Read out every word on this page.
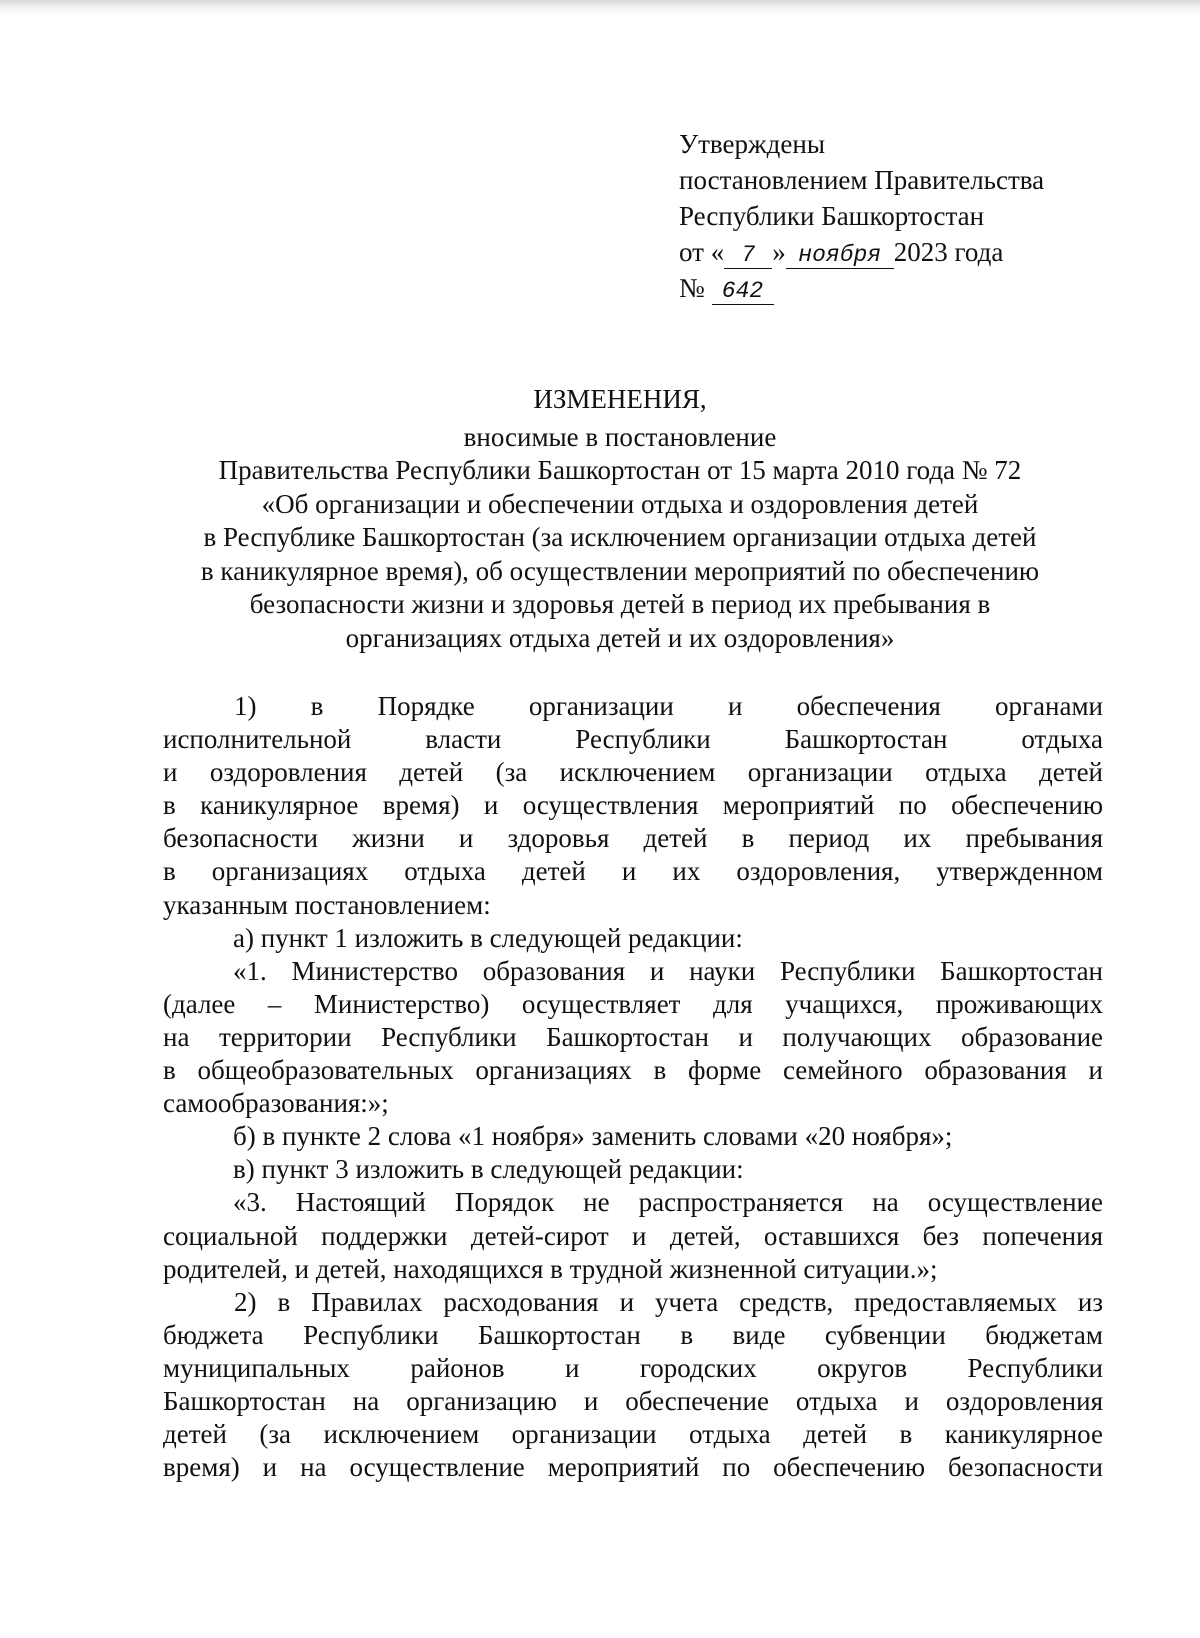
Утверждены
постановлением Правительства
Республики Башкортостан
от « 7 » ноября 2023 года
№ 642
ИЗМЕНЕНИЯ,
вносимые в постановление
Правительства Республики Башкортостан от 15 марта 2010 года № 72
«Об организации и обеспечении отдыха и оздоровления детей
в Республике Башкортостан (за исключением организации отдыха детей
в каникулярное время), об осуществлении мероприятий по обеспечению
безопасности жизни и здоровья детей в период их пребывания в
организациях отдыха детей и их оздоровления»
1) в Порядке организации и обеспечения органами
исполнительной власти Республики Башкортостан отдыха
и оздоровления детей (за исключением организации отдыха детей
в каникулярное время) и осуществления мероприятий по обеспечению
безопасности жизни и здоровья детей в период их пребывания
в организациях отдыха детей и их оздоровления, утвержденном
указанным постановлением:
а) пункт 1 изложить в следующей редакции:
«1. Министерство образования и науки Республики Башкортостан
(далее – Министерство) осуществляет для учащихся, проживающих
на территории Республики Башкортостан и получающих образование
в общеобразовательных организациях в форме семейного образования и
самообразования:»;
б) в пункте 2 слова «1 ноября» заменить словами «20 ноября»;
в) пункт 3 изложить в следующей редакции:
«3. Настоящий Порядок не распространяется на осуществление
социальной поддержки детей-сирот и детей, оставшихся без попечения
родителей, и детей, находящихся в трудной жизненной ситуации.»;
2) в Правилах расходования и учета средств, предоставляемых из
бюджета Республики Башкортостан в виде субвенции бюджетам
муниципальных районов и городских округов Республики
Башкортостан на организацию и обеспечение отдыха и оздоровления
детей (за исключением организации отдыха детей в каникулярное
время) и на осуществление мероприятий по обеспечению безопасности
